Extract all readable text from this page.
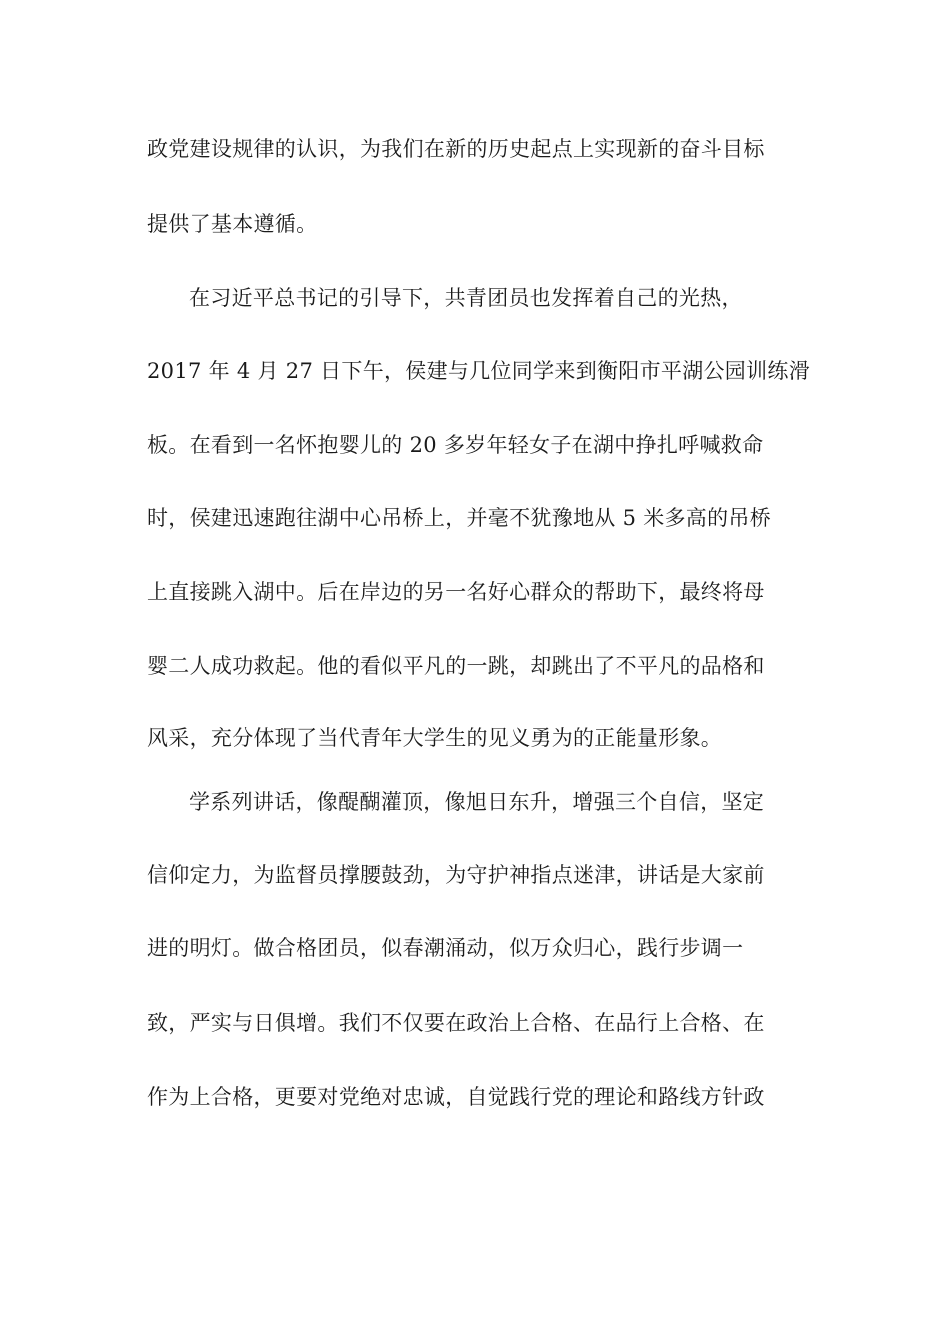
政党建设规律的认识，为我们在新的历史起点上实现新的奋斗目标
提供了基本遵循。
在习近平总书记的引导下，共青团员也发挥着自己的光热，
2017 年 4 月 27 日下午，侯建与几位同学来到衡阳市平湖公园训练滑
板。在看到一名怀抱婴儿的 20 多岁年轻女子在湖中挣扎呼喊救命
时，侯建迅速跑往湖中心吊桥上，并毫不犹豫地从 5 米多高的吊桥
上直接跳入湖中。后在岸边的另一名好心群众的帮助下，最终将母
婴二人成功救起。他的看似平凡的一跳，却跳出了不平凡的品格和
风采，充分体现了当代青年大学生的见义勇为的正能量形象。
学系列讲话，像醍醐灌顶，像旭日东升，增强三个自信，坚定
信仰定力，为监督员撑腰鼓劲，为守护神指点迷津，讲话是大家前
进的明灯。做合格团员，似春潮涌动，似万众归心，践行步调一
致，严实与日俱增。我们不仅要在政治上合格、在品行上合格、在
作为上合格，更要对党绝对忠诚，自觉践行党的理论和路线方针政
